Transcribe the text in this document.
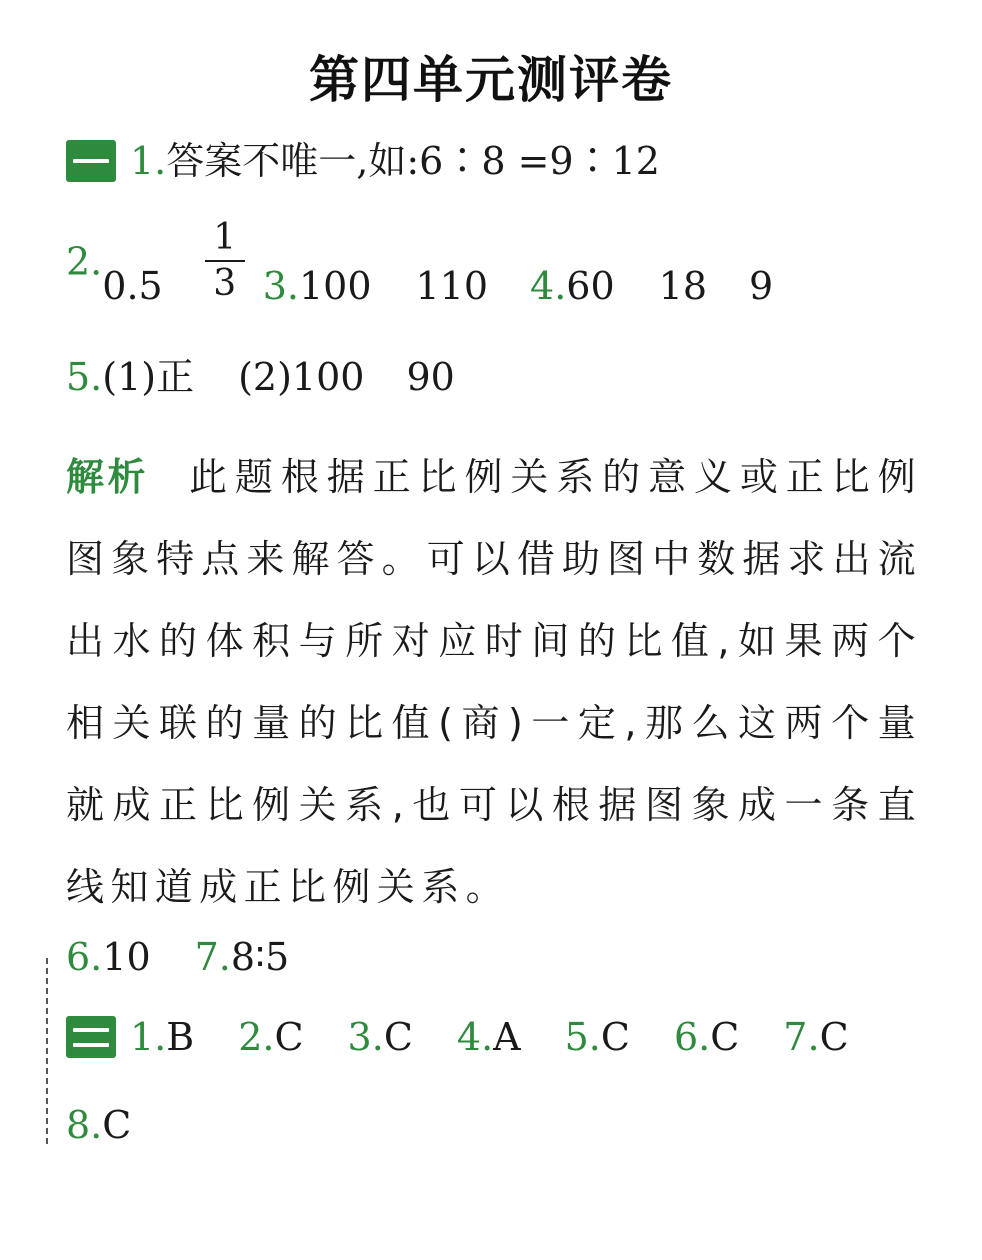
第四单元测评卷
1.答案不唯一,如:6∶8 =9∶12
$2.0.5 \frac{1}{3} 3.100$ 110 4.60 18 9
5.(1)正 (2)100 90
解析 此题根据正比例关系的意义或正比例图象特点来解答。可以借助图中数据求出流出水的体积与所对应时间的比值,如果两个相关联的量的比值(商)一定,那么这两个量就成正比例关系,也可以根据图象成一条直线知道成正比例关系。
6.10 7.8∶5
1.B 2.C 3.C 4.A 5.C 6.C 7.C
8.C
